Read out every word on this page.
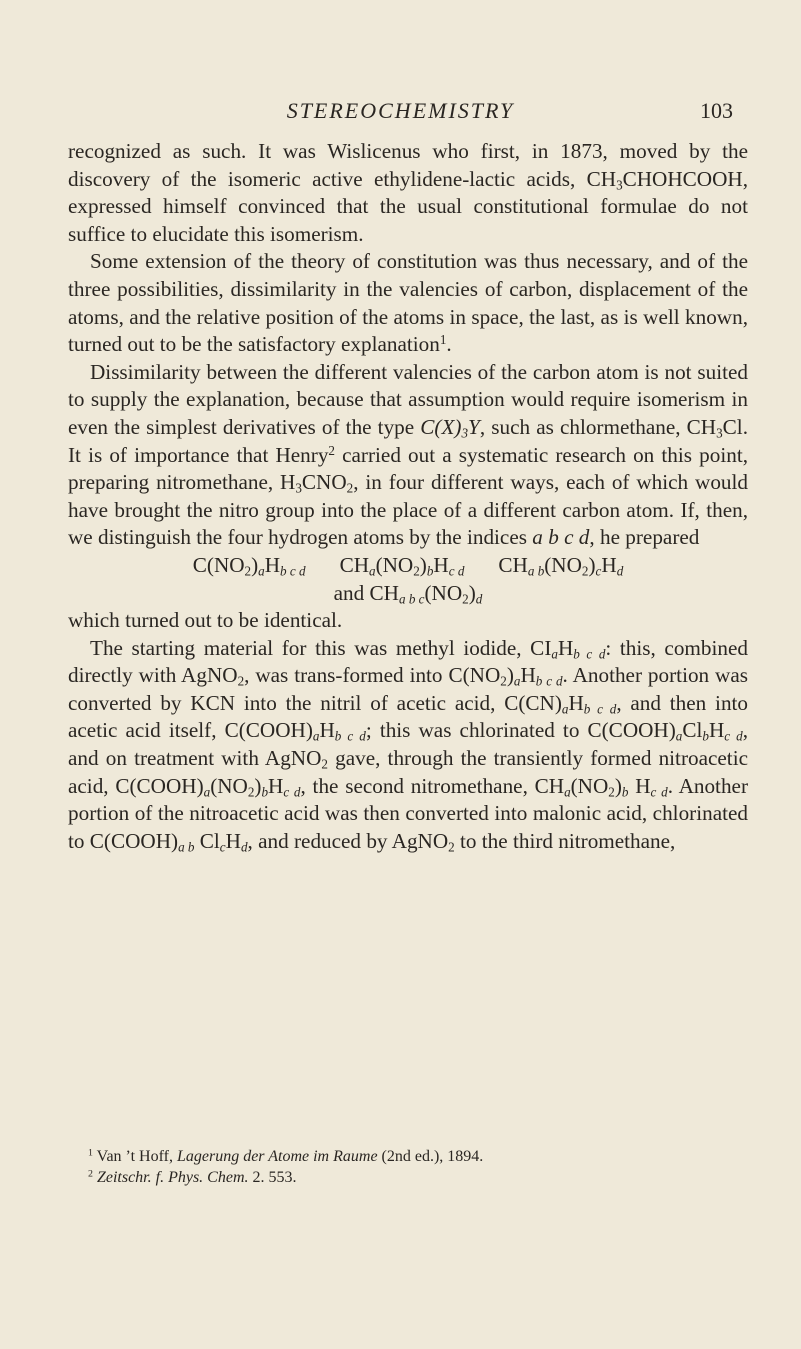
STEREOCHEMISTRY	103

recognized as such. It was Wislicenus who first, in 1873, moved by the discovery of the isomeric active ethylidene-lactic acids, $CH_3CHOHCOOH$, expressed himself convinced that the usual constitutional formulae do not suffice to elucidate this isomerism.

Some extension of the theory of constitution was thus necessary, and of the three possibilities, dissimilarity in the valencies of carbon, displacement of the atoms, and the relative position of the atoms in space, the last, as is well known, turned out to be the satisfactory explanation$^1$.

Dissimilarity between the different valencies of the carbon atom is not suited to supply the explanation, because that assumption would require isomerism in even the simplest derivatives of the type $C(X)_3Y$, such as chlormethane, $CH_3Cl$. It is of importance that Henry$^2$ carried out a systematic research on this point, preparing nitromethane, $H_3CNO_2$, in four different ways, each of which would have brought the nitro group into the place of a different carbon atom. If, then, we distinguish the four hydrogen atoms by the indices a b c d, he prepared

$C(NO_2)_aH_{b c d}$ $CH_a(NO_2)_bH_{c d}$ $CH_{a b}(NO_2)_cH_d$

and $CH_{a b c}(NO_2)_d$

which turned out to be identical.

The starting material for this was methyl iodide, $CI_aH_{b c d}$: this, combined directly with AgNO$_2$, was trans-formed into $C(NO_2)_aH_{b c d}$. Another portion was converted by KCN into the nitril of acetic acid, $C(CN)_aH_{b c d}$, and then into acetic acid itself, $C(COOH)_aH_{b c d}$; this was chlorinated to $C(COOH)_aCl_bH_{c d}$, and on treatment with AgNO$_2$ gave, through the transiently formed nitroacetic acid, $C(COOH)_a(NO_2)_bH_{c d}$, the second nitromethane, $CH_a(NO_2)_b$ $H_{c d}$. Another portion of the nitroacetic acid was then converted into malonic acid, chlorinated to $C(COOH)_{a b}$ $Cl_cH_d$, and reduced by AgNO$_2$ to the third nitromethane,

$^1$ Van ’t Hoff, Lagerung der Atome im Raume (2nd ed.), 1894.

$^2$ Zeitschr. f. Phys. Chem. 2. 553.
